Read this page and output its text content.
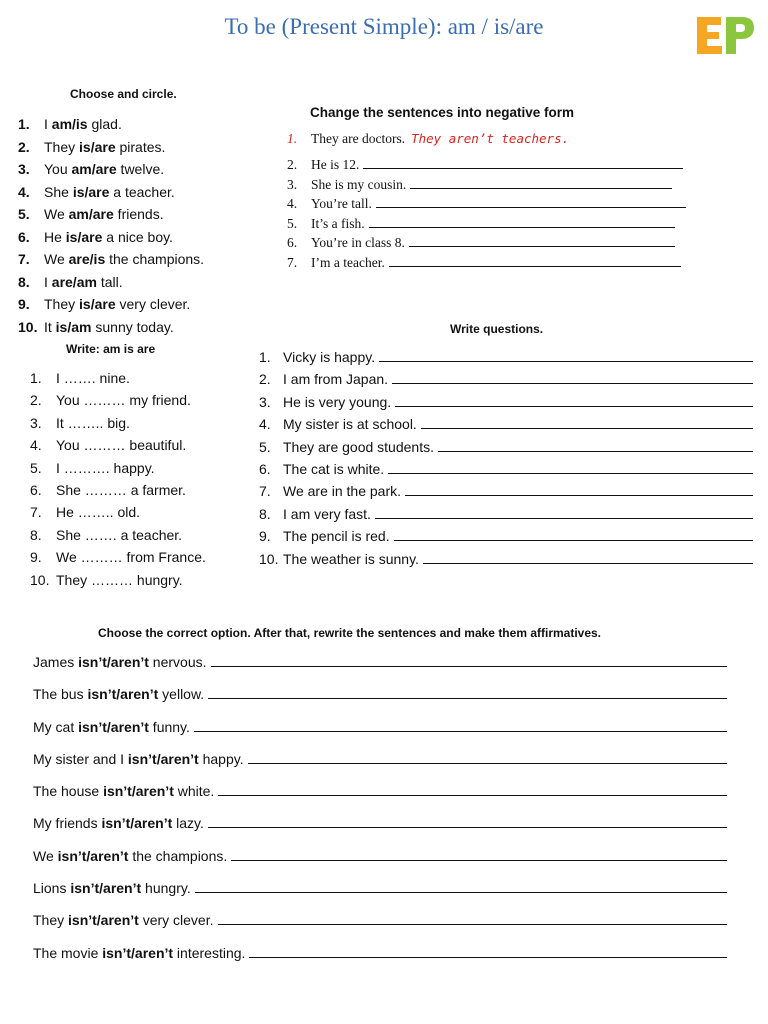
To be (Present Simple): am / is/are
Choose and circle.
1.	I am/is glad.
2.	They is/are pirates.
3.	You am/are twelve.
4.	She is/are a teacher.
5.	We am/are friends.
6.	He is/are a nice boy.
7.	We are/is the champions.
8.	I are/am tall.
9.	They is/are very clever.
10. It is/am sunny today.
Change the sentences into negative form
1.	They are doctors. They aren’t teachers.
2.	He is 12.
3.	She is my cousin.
4.	You’re tall.
5.	It’s a fish.
6.	You’re in class 8.
7.	I’m a teacher.
Write: am is are
1.	I ……. nine.
2.	You ……… my friend.
3.	It …….. big.
4.	You ……… beautiful.
5.	I ………. happy.
6.	She ……… a farmer.
7.	He …….. old.
8.	She ……. a teacher.
9.	We ……… from France.
10. They ……… hungry.
Write questions.
1. Vicky is happy.
2. I am from Japan.
3. He is very young.
4. My sister is at school.
5. They are good students.
6. The cat is white.
7. We are in the park.
8. I am very fast.
9. The pencil is red.
10. The weather is sunny.
Choose the correct option. After that, rewrite the sentences and make them affirmatives.
James isn’t/aren’t nervous.
The bus isn’t/aren’t yellow.
My cat isn’t/aren’t funny.
My sister and I isn’t/aren’t happy.
The house isn’t/aren’t white.
My friends isn’t/aren’t lazy.
We isn’t/aren’t the champions.
Lions isn’t/aren’t hungry.
They isn’t/aren’t very clever.
The movie isn’t/aren’t interesting.
